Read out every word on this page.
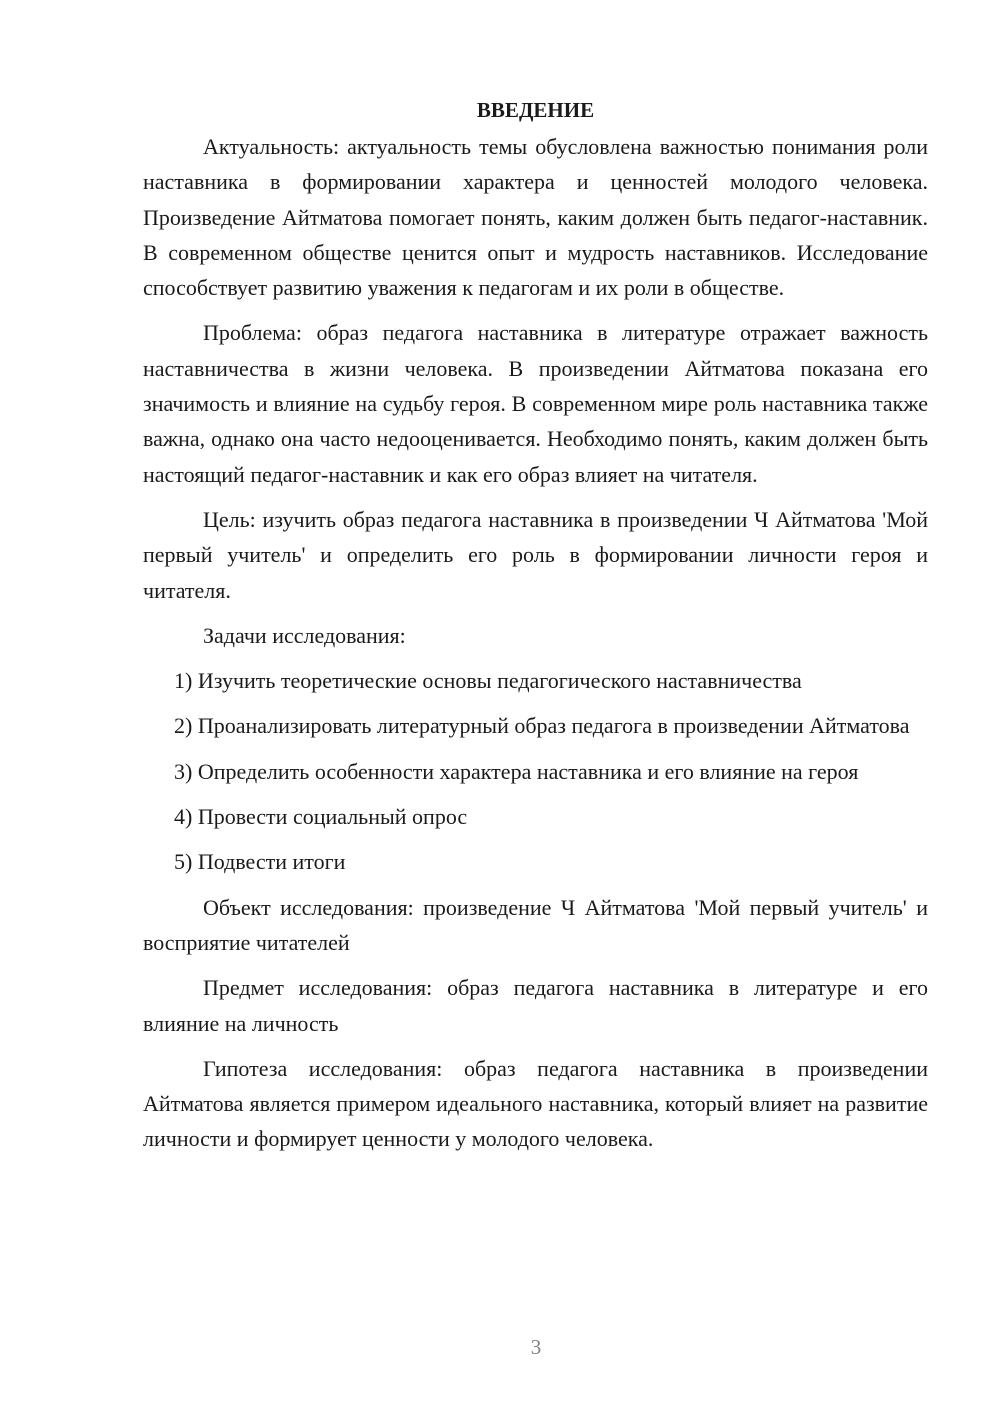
ВВЕДЕНИЕ

Актуальность: актуальность темы обусловлена важностью понимания роли наставника в формировании характера и ценностей молодого человека. Произведение Айтматова помогает понять, каким должен быть педагог-наставник. В современном обществе ценится опыт и мудрость наставников. Исследование способствует развитию уважения к педагогам и их роли в обществе.

Проблема: образ педагога наставника в литературе отражает важность наставничества в жизни человека. В произведении Айтматова показана его значимость и влияние на судьбу героя. В современном мире роль наставника также важна, однако она часто недооценивается. Необходимо понять, каким должен быть настоящий педагог-наставник и как его образ влияет на читателя.

Цель: изучить образ педагога наставника в произведении Ч Айтматова 'Мой первый учитель' и определить его роль в формировании личности героя и читателя.

Задачи исследования:

1) Изучить теоретические основы педагогического наставничества

2) Проанализировать литературный образ педагога в произведении Айтматова

3) Определить особенности характера наставника и его влияние на героя

4) Провести социальный опрос

5) Подвести итоги

Объект исследования: произведение Ч Айтматова 'Мой первый учитель' и восприятие читателей

Предмет исследования: образ педагога наставника в литературе и его влияние на личность

Гипотеза исследования: образ педагога наставника в произведении Айтматова является примером идеального наставника, который влияет на развитие личности и формирует ценности у молодого человека.

3
